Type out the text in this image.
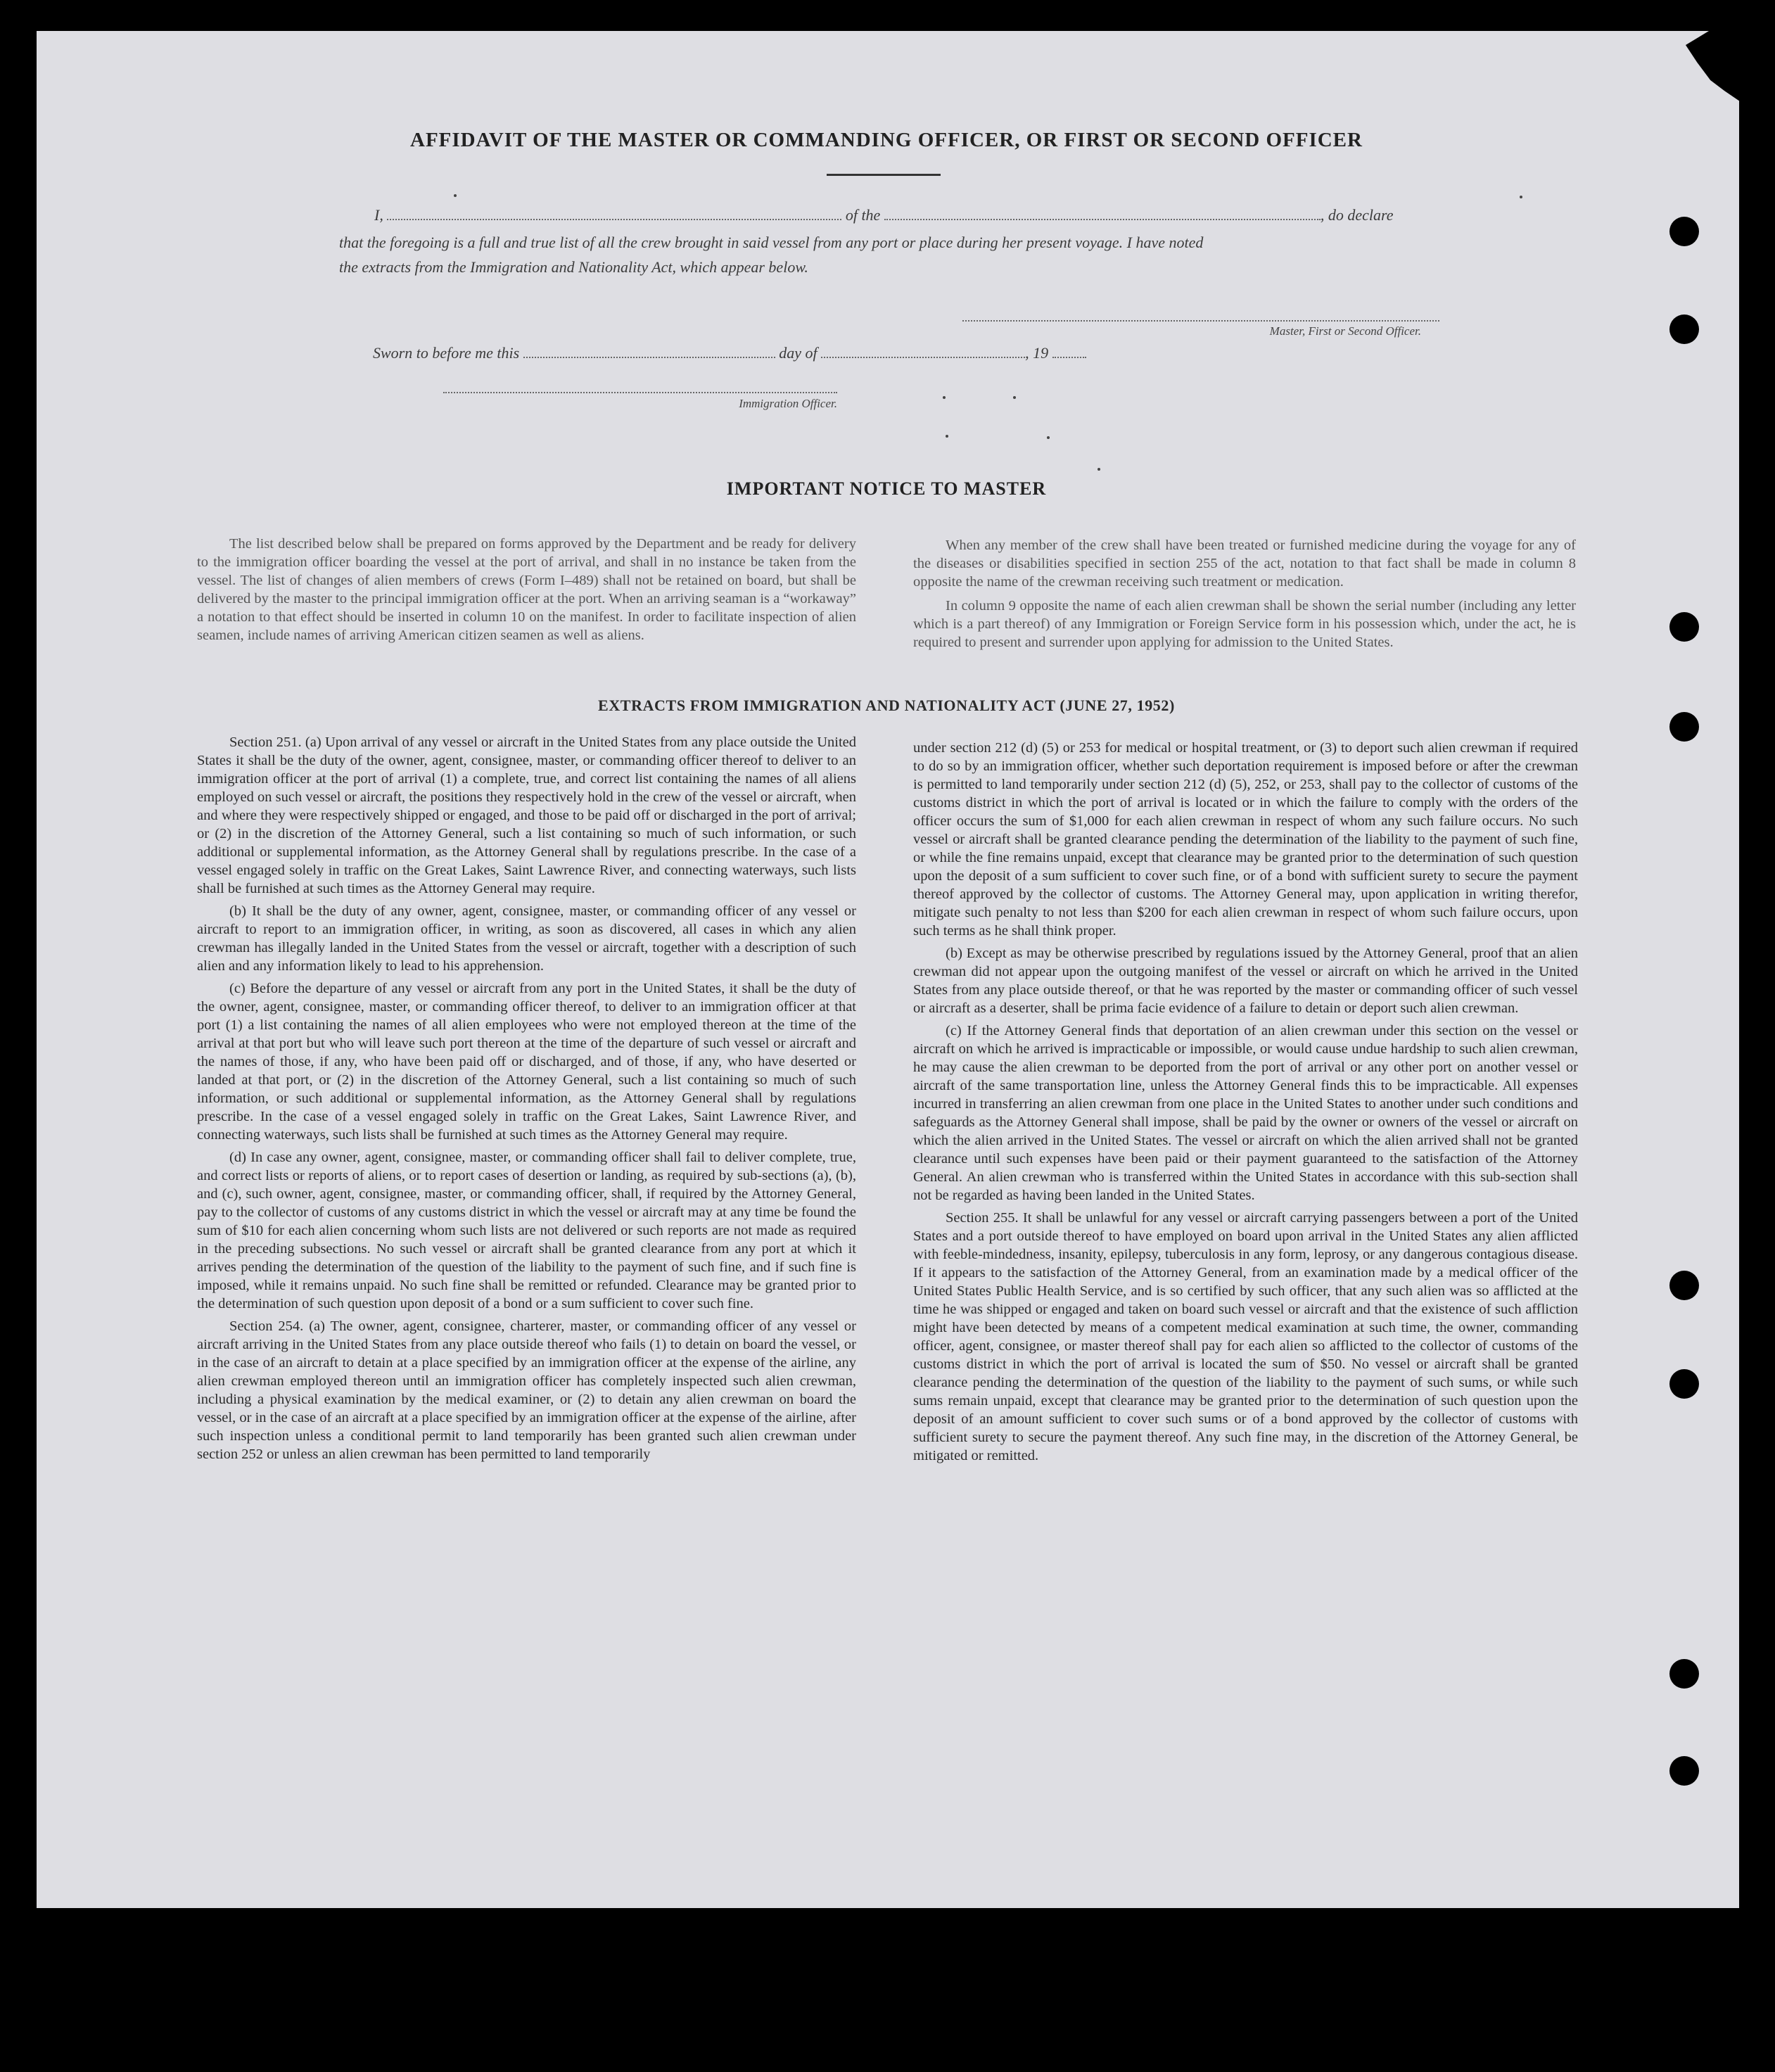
AFFIDAVIT OF THE MASTER OR COMMANDING OFFICER, OR FIRST OR SECOND OFFICER
I,	of the	, do declare
that the foregoing is a full and true list of all the crew brought in said vessel from any port or place during her present voyage. I have noted
the extracts from the Immigration and Nationality Act, which appear below.
Master, First or Second Officer.
Sworn to before me this	day of	, 19
Immigration Officer.
IMPORTANT NOTICE TO MASTER

The list described below shall be prepared on forms approved by the Department and be ready for delivery to the immigration officer boarding the vessel at the port of arrival, and shall in no instance be taken from the vessel. The list of changes of alien members of crews (Form I–489) shall not be retained on board, but shall be delivered by the master to the principal immigration officer at the port. When an arriving seaman is a “workaway” a notation to that effect should be inserted in column 10 on the manifest. In order to facilitate inspection of alien seamen, include names of arriving American citizen seamen as well as aliens.

When any member of the crew shall have been treated or furnished medicine during the voyage for any of the diseases or disabilities specified in section 255 of the act, notation to that fact shall be made in column 8 opposite the name of the crewman receiving such treatment or medication.

In column 9 opposite the name of each alien crewman shall be shown the serial number (including any letter which is a part thereof) of any Immigration or Foreign Service form in his possession which, under the act, he is required to present and surrender upon applying for admission to the United States.

EXTRACTS FROM IMMIGRATION AND NATIONALITY ACT (JUNE 27, 1952)

Section 251. (a) Upon arrival of any vessel or aircraft in the United States from any place outside the United States it shall be the duty of the owner, agent, consignee, master, or commanding officer thereof to deliver to an immigration officer at the port of arrival (1) a complete, true, and correct list containing the names of all aliens employed on such vessel or aircraft, the positions they respectively hold in the crew of the vessel or aircraft, when and where they were respectively shipped or engaged, and those to be paid off or discharged in the port of arrival; or (2) in the discretion of the Attorney General, such a list containing so much of such information, or such additional or supplemental information, as the Attorney General shall by regulations prescribe. In the case of a vessel engaged solely in traffic on the Great Lakes, Saint Lawrence River, and connecting waterways, such lists shall be furnished at such times as the Attorney General may require.

(b) It shall be the duty of any owner, agent, consignee, master, or commanding officer of any vessel or aircraft to report to an immigration officer, in writing, as soon as discovered, all cases in which any alien crewman has illegally landed in the United States from the vessel or aircraft, together with a description of such alien and any information likely to lead to his apprehension.

(c) Before the departure of any vessel or aircraft from any port in the United States, it shall be the duty of the owner, agent, consignee, master, or commanding officer thereof, to deliver to an immigration officer at that port (1) a list containing the names of all alien employees who were not employed thereon at the time of the arrival at that port but who will leave such port thereon at the time of the departure of such vessel or aircraft and the names of those, if any, who have been paid off or discharged, and of those, if any, who have deserted or landed at that port, or (2) in the discretion of the Attorney General, such a list containing so much of such information, or such additional or supplemental information, as the Attorney General shall by regulations prescribe. In the case of a vessel engaged solely in traffic on the Great Lakes, Saint Lawrence River, and connecting waterways, such lists shall be furnished at such times as the Attorney General may require.

(d) In case any owner, agent, consignee, master, or commanding officer shall fail to deliver complete, true, and correct lists or reports of aliens, or to report cases of desertion or landing, as required by sub-sections (a), (b), and (c), such owner, agent, consignee, master, or commanding officer, shall, if required by the Attorney General, pay to the collector of customs of any customs district in which the vessel or aircraft may at any time be found the sum of $10 for each alien concerning whom such lists are not delivered or such reports are not made as required in the preceding subsections. No such vessel or aircraft shall be granted clearance from any port at which it arrives pending the determination of the question of the liability to the payment of such fine, and if such fine is imposed, while it remains unpaid. No such fine shall be remitted or refunded. Clearance may be granted prior to the determination of such question upon deposit of a bond or a sum sufficient to cover such fine.

Section 254. (a) The owner, agent, consignee, charterer, master, or commanding officer of any vessel or aircraft arriving in the United States from any place outside thereof who fails (1) to detain on board the vessel, or in the case of an aircraft to detain at a place specified by an immigration officer at the expense of the airline, any alien crewman employed thereon until an immigration officer has completely inspected such alien crewman, including a physical examination by the medical examiner, or (2) to detain any alien crewman on board the vessel, or in the case of an aircraft at a place specified by an immigration officer at the expense of the airline, after such inspection unless a conditional permit to land temporarily has been granted such alien crewman under section 252 or unless an alien crewman has been permitted to land temporarily

under section 212 (d) (5) or 253 for medical or hospital treatment, or (3) to deport such alien crewman if required to do so by an immigration officer, whether such deportation requirement is imposed before or after the crewman is permitted to land temporarily under section 212 (d) (5), 252, or 253, shall pay to the collector of customs of the customs district in which the port of arrival is located or in which the failure to comply with the orders of the officer occurs the sum of $1,000 for each alien crewman in respect of whom any such failure occurs. No such vessel or aircraft shall be granted clearance pending the determination of the liability to the payment of such fine, or while the fine remains unpaid, except that clearance may be granted prior to the determination of such question upon the deposit of a sum sufficient to cover such fine, or of a bond with sufficient surety to secure the payment thereof approved by the collector of customs. The Attorney General may, upon application in writing therefor, mitigate such penalty to not less than $200 for each alien crewman in respect of whom such failure occurs, upon such terms as he shall think proper.

(b) Except as may be otherwise prescribed by regulations issued by the Attorney General, proof that an alien crewman did not appear upon the outgoing manifest of the vessel or aircraft on which he arrived in the United States from any place outside thereof, or that he was reported by the master or commanding officer of such vessel or aircraft as a deserter, shall be prima facie evidence of a failure to detain or deport such alien crewman.

(c) If the Attorney General finds that deportation of an alien crewman under this section on the vessel or aircraft on which he arrived is impracticable or impossible, or would cause undue hardship to such alien crewman, he may cause the alien crewman to be deported from the port of arrival or any other port on another vessel or aircraft of the same transportation line, unless the Attorney General finds this to be impracticable. All expenses incurred in transferring an alien crewman from one place in the United States to another under such conditions and safeguards as the Attorney General shall impose, shall be paid by the owner or owners of the vessel or aircraft on which the alien arrived in the United States. The vessel or aircraft on which the alien arrived shall not be granted clearance until such expenses have been paid or their payment guaranteed to the satisfaction of the Attorney General. An alien crewman who is transferred within the United States in accordance with this sub-section shall not be regarded as having been landed in the United States.

Section 255. It shall be unlawful for any vessel or aircraft carrying passengers between a port of the United States and a port outside thereof to have employed on board upon arrival in the United States any alien afflicted with feeble-mindedness, insanity, epilepsy, tuberculosis in any form, leprosy, or any dangerous contagious disease. If it appears to the satisfaction of the Attorney General, from an examination made by a medical officer of the United States Public Health Service, and is so certified by such officer, that any such alien was so afflicted at the time he was shipped or engaged and taken on board such vessel or aircraft and that the existence of such affliction might have been detected by means of a competent medical examination at such time, the owner, commanding officer, agent, consignee, or master thereof shall pay for each alien so afflicted to the collector of customs of the customs district in which the port of arrival is located the sum of $50. No vessel or aircraft shall be granted clearance pending the determination of the question of the liability to the payment of such sums, or while such sums remain unpaid, except that clearance may be granted prior to the determination of such question upon the deposit of an amount sufficient to cover such sums or of a bond approved by the collector of customs with sufficient surety to secure the payment thereof. Any such fine may, in the discretion of the Attorney General, be mitigated or remitted.
